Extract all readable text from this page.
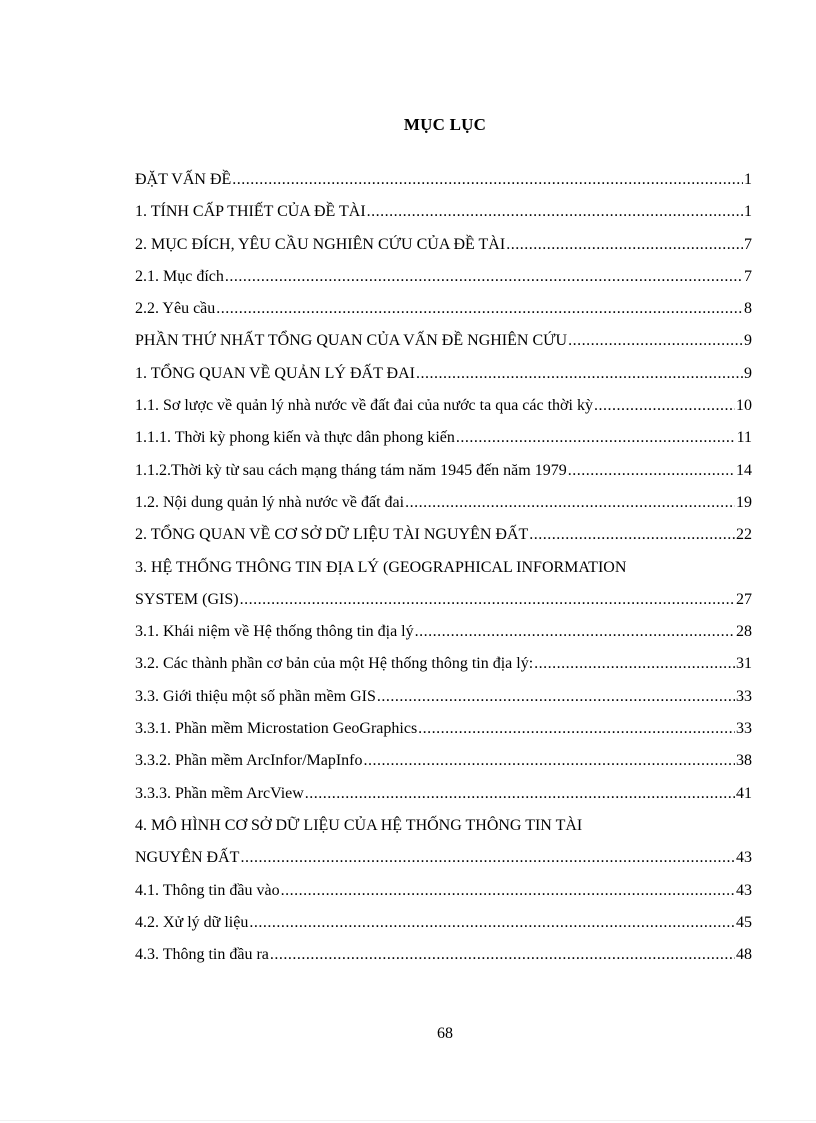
MỤC LỤC
ĐẶT VẤN ĐỀ .....	1
1. TÍNH CẤP THIẾT CỦA ĐỀ TÀI .....	1
2. MỤC ĐÍCH, YÊU CẦU NGHIÊN CỨU CỦA ĐỀ TÀI .....	7
2.1. Mục đích .....	7
2.2. Yêu cầu .....	8
PHẦN THỨ NHẤT TỔNG QUAN CỦA VẤN ĐỀ NGHIÊN CỨU .....	9
1. TỔNG QUAN VỀ QUẢN LÝ ĐẤT ĐAI .....	9
1.1. Sơ lược về quản lý nhà nước về đất đai của nước ta qua các thời kỳ .....	10
1.1.1. Thời kỳ phong kiến và thực dân phong kiến .....	11
1.1.2.Thời kỳ từ sau cách mạng tháng tám năm 1945 đến năm 1979 .....	14
1.2. Nội dung quản lý nhà nước về đất đai .....	19
2. TỔNG QUAN VỀ CƠ SỞ DỮ LIỆU TÀI NGUYÊN ĐẤT .....	22
3. HỆ THỐNG THÔNG TIN ĐỊA LÝ (GEOGRAPHICAL INFORMATION
SYSTEM (GIS) .....	27
3.1. Khái niệm về Hệ thống thông tin địa lý .....	28
3.2. Các thành phần cơ bản của một Hệ thống thông tin địa lý: .....	31
3.3. Giới thiệu một số phần mềm GIS .....	33
3.3.1. Phần mềm Microstation GeoGraphics .....	33
3.3.2. Phần mềm ArcInfor/MapInfo .....	38
3.3.3. Phần mềm ArcView .....	41
4. MÔ HÌNH CƠ SỞ DỮ LIỆU CỦA HỆ THỐNG THÔNG TIN TÀI
NGUYÊN ĐẤT .....	43
4.1. Thông tin đầu vào .....	43
4.2. Xử lý dữ liệu .....	45
4.3. Thông tin đầu ra .....	48
68
